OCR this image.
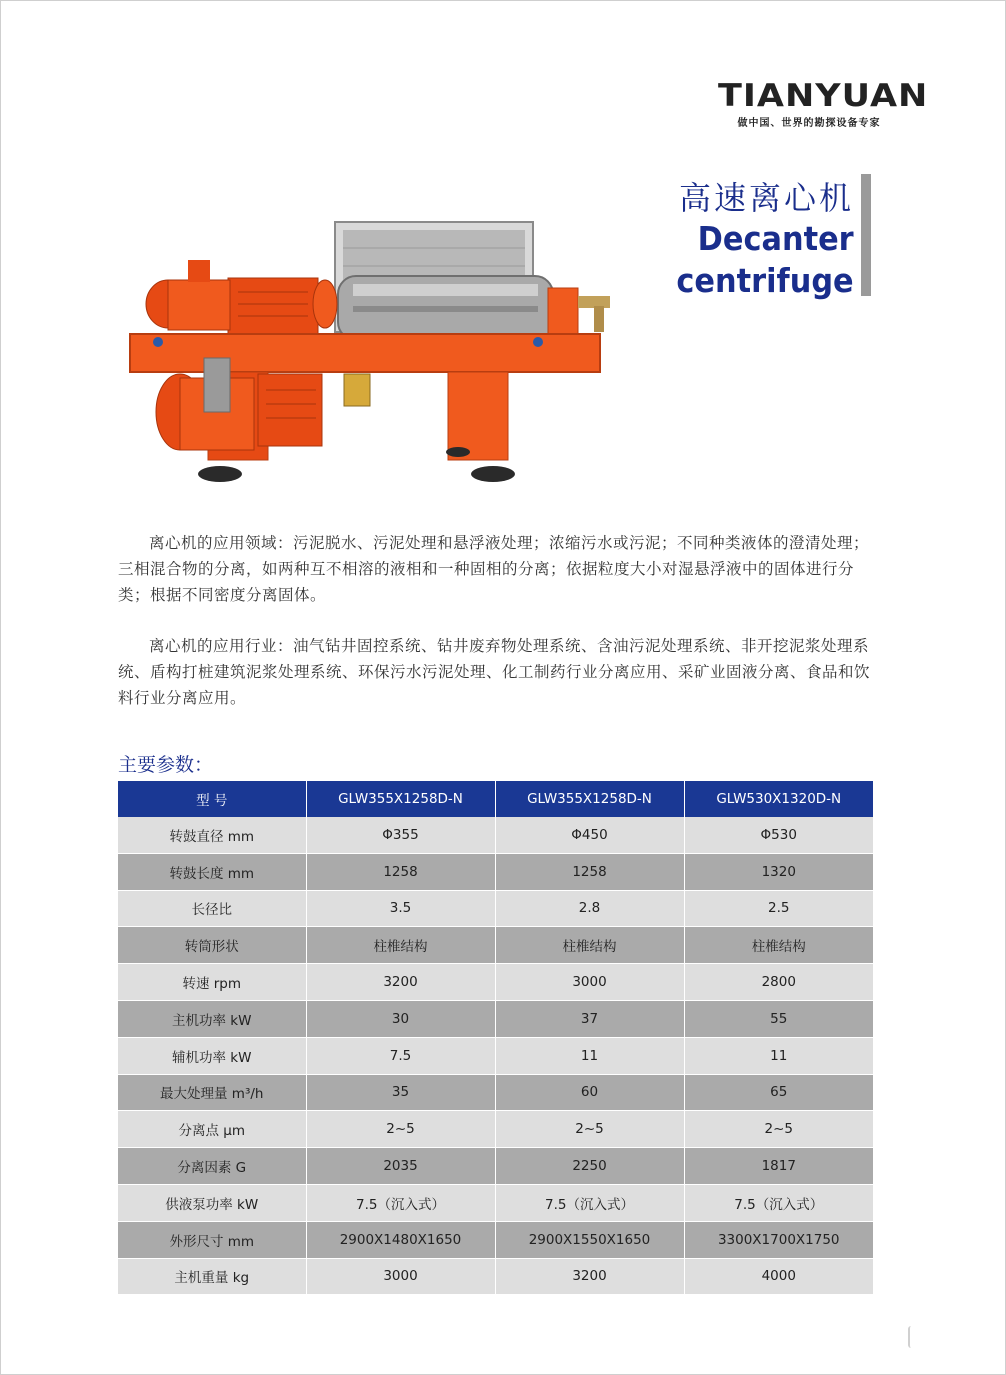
TIANYUAN
做中国、世界的勘探设备专家
高速离心机
Decanter
centrifuge
离心机的应用领域：污泥脱水、污泥处理和悬浮液处理；浓缩污水或污泥；不同种类液体的澄清处理；三相混合物的分离，如两种互不相溶的液相和一种固相的分离；依据粒度大小对湿悬浮液中的固体进行分类；根据不同密度分离固体。
离心机的应用行业：油气钻井固控系统、钻井废弃物处理系统、含油污泥处理系统、非开挖泥浆处理系统、盾构打桩建筑泥浆处理系统、环保污水污泥处理、化工制药行业分离应用、采矿业固液分离、食品和饮料行业分离应用。
主要参数：
型 号	GLW355X1258D-N	GLW355X1258D-N	GLW530X1320D-N
转鼓直径 mm	Φ355	Φ450	Φ530
转鼓长度 mm	1258	1258	1320
长径比	3.5	2.8	2.5
转筒形状	柱椎结构	柱椎结构	柱椎结构
转速 rpm	3200	3000	2800
主机功率 kW	30	37	55
辅机功率 kW	7.5	11	11
最大处理量 m³/h	35	60	65
分离点 μm	2~5	2~5	2~5
分离因素 G	2035	2250	1817
供液泵功率 kW	7.5（沉入式）	7.5（沉入式）	7.5（沉入式）
外形尺寸 mm	2900X1480X1650	2900X1550X1650	3300X1700X1750
主机重量 kg	3000	3200	4000
